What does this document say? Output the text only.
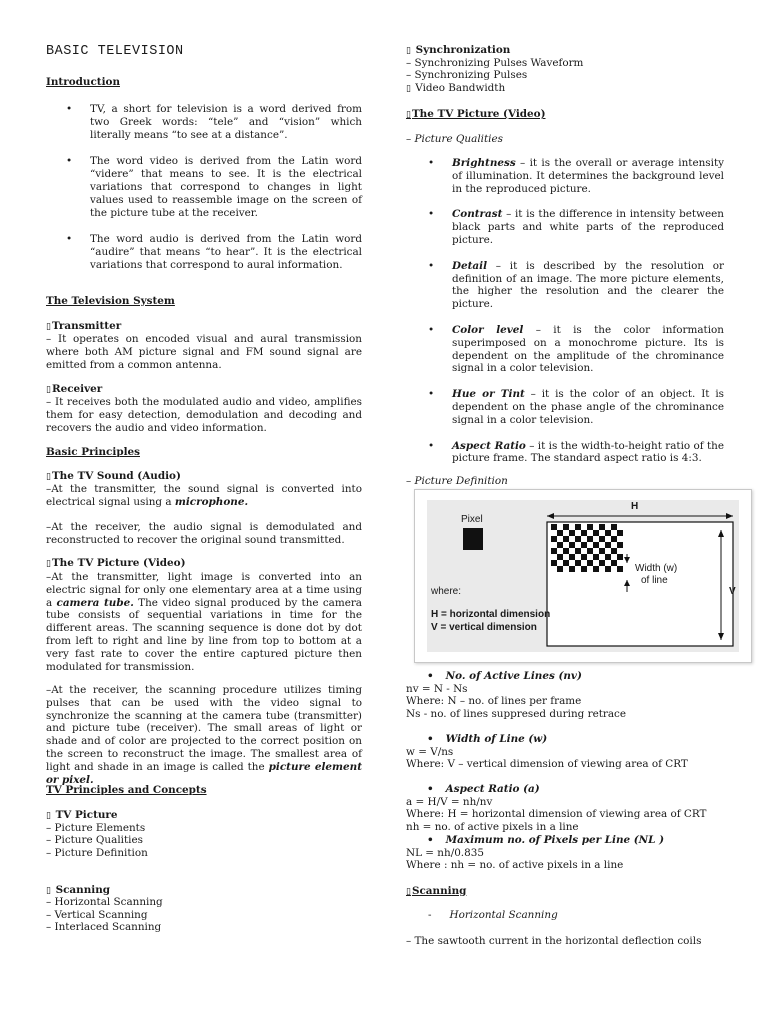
BASIC TELEVISION
Introduction
• TV, a short for television is a word derived from two Greek words: “tele” and “vision” which literally means “to see at a distance”.
• The word video is derived from the Latin word “videre” that means to see. It is the electrical variations that correspond to changes in light values used to reassemble image on the screen of the picture tube at the receiver.
• The word audio is derived from the Latin word “audire” that means “to hear”. It is the electrical variations that correspond to aural information.
The Television System
▯Transmitter
– It operates on encoded visual and aural transmission where both AM picture signal and FM sound signal are emitted from a common antenna.
▯Receiver
– It receives both the modulated audio and video, amplifies them for easy detection, demodulation and decoding and recovers the audio and video information.
Basic Principles
▯The TV Sound (Audio)
–At the transmitter, the sound signal is converted into electrical signal using a microphone.
–At the receiver, the audio signal is demodulated and reconstructed to recover the original sound transmitted.
▯The TV Picture (Video)
–At the transmitter, light image is converted into an electric signal for only one elementary area at a time using a camera tube. The video signal produced by the camera tube consists of sequential variations in time for the different areas. The scanning sequence is done dot by dot from left to right and line by line from top to bottom at a very fast rate to cover the entire captured picture then modulated for transmission.
–At the receiver, the scanning procedure utilizes timing pulses that can be used with the video signal to synchronize the scanning at the camera tube (transmitter) and picture tube (receiver). The small areas of light or shade and of color are projected to the correct position on the screen to reconstruct the image. The smallest area of light and shade in an image is called the picture element or pixel.
TV Principles and Concepts
▯ TV Picture
– Picture Elements
– Picture Qualities
– Picture Definition
▯ Scanning
– Horizontal Scanning
– Vertical Scanning
– Interlaced Scanning
▯ Synchronization
– Synchronizing Pulses Waveform
– Synchronizing Pulses
▯ Video Bandwidth
▯The TV Picture (Video)
– Picture Qualities
• Brightness – it is the overall or average intensity of illumination. It determines the background level in the reproduced picture.
• Contrast – it is the difference in intensity between black parts and white parts of the reproduced picture.
• Detail – it is described by the resolution or definition of an image. The more picture elements, the higher the resolution and the clearer the picture.
• Color level – it is the color information superimposed on a monochrome picture. Its is dependent on the amplitude of the chrominance signal in a color television.
• Hue or Tint – it is the color of an object. It is dependent on the phase angle of the chrominance signal in a color television.
• Aspect Ratio – it is the width-to-height ratio of the picture frame. The standard aspect ratio is 4:3.
– Picture Definition
Pixel
H
V
Width (w)
of line
where:
H = horizontal dimension
V = vertical dimension
• No. of Active Lines (nv)
nv = N - Ns
Where: N – no. of lines per frame
Ns - no. of lines suppresed during retrace
• Width of Line (w)
w = V/ns
Where: V – vertical dimension of viewing area of CRT
• Aspect Ratio (a)
a = H/V = nh/nv
Where: H = horizontal dimension of viewing area of CRT
nh = no. of active pixels in a line
• Maximum no. of Pixels per Line (NL )
NL = nh/0.835
Where : nh = no. of active pixels in a line
▯Scanning
- Horizontal Scanning
– The sawtooth current in the horizontal deflection coils
